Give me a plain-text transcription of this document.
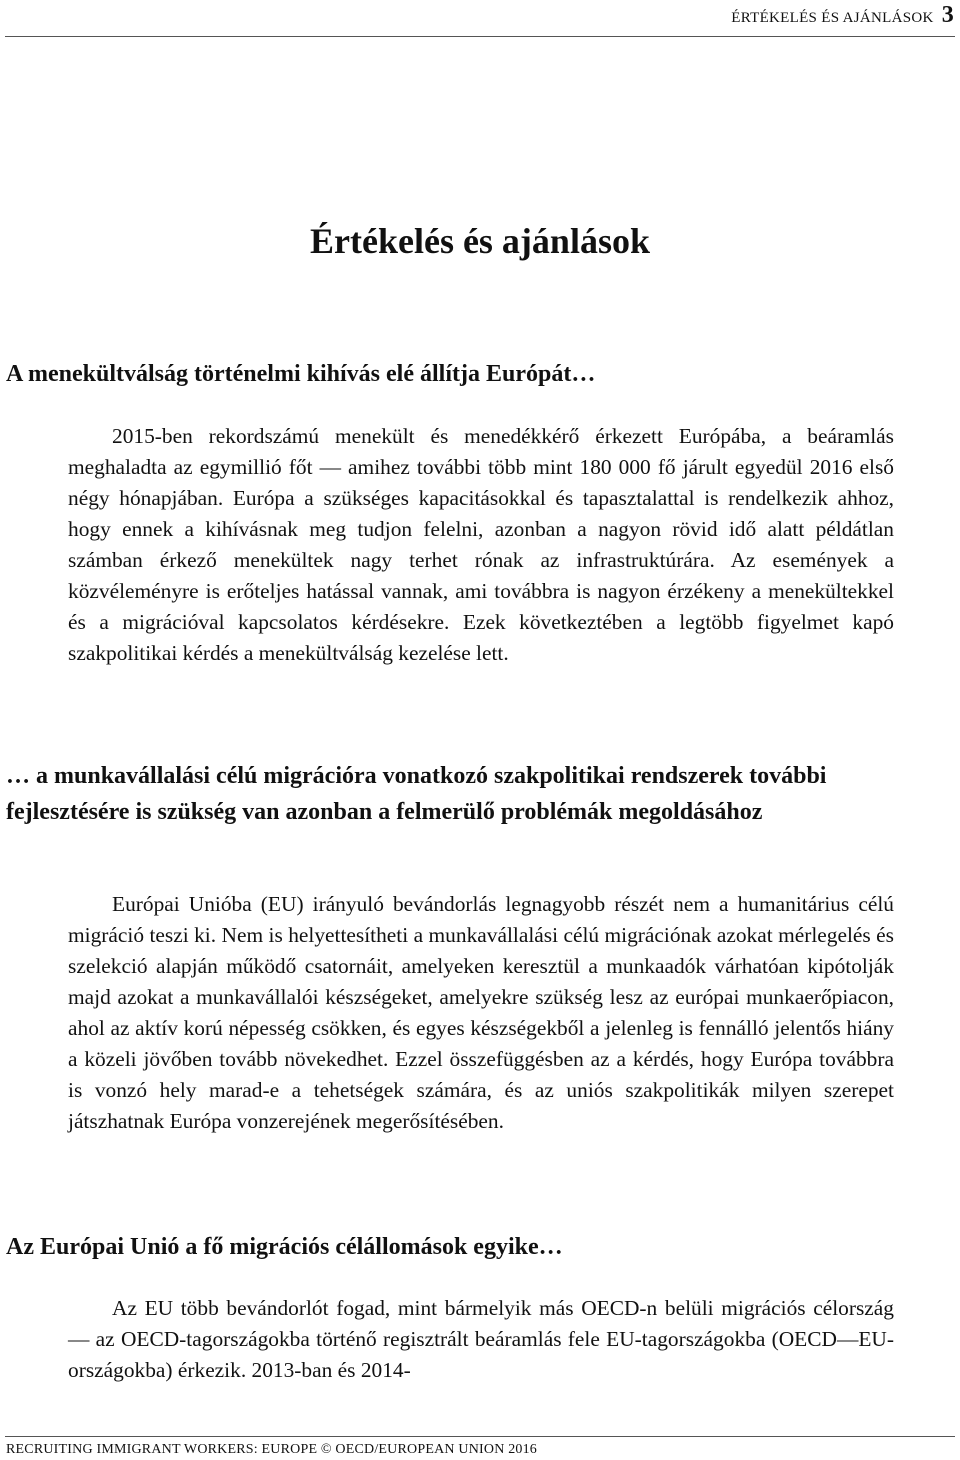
ÉRTÉKELÉS ÉS AJÁNLÁSOK 3
Értékelés és ajánlások
A menekültválság történelmi kihívás elé állítja Európát…

2015-ben rekordszámú menekült és menedékkérő érkezett Európába, a beáramlás meghaladta az egymillió főt ― amihez további több mint 180 000 fő járult egyedül 2016 első négy hónapjában. Európa a szükséges kapacitásokkal és tapasztalattal is rendelkezik ahhoz, hogy ennek a kihívásnak meg tudjon felelni, azonban a nagyon rövid idő alatt példátlan számban érkező menekültek nagy terhet rónak az infrastruktúrára. Az események a közvéleményre is erőteljes hatással vannak, ami továbbra is nagyon érzékeny a menekültekkel és a migrációval kapcsolatos kérdésekre. Ezek következtében a legtöbb figyelmet kapó szakpolitikai kérdés a menekültválság kezelése lett.

… a munkavállalási célú migrációra vonatkozó szakpolitikai rendszerek további fejlesztésére is szükség van azonban a felmerülő problémák megoldásához

Európai Unióba (EU) irányuló bevándorlás legnagyobb részét nem a humanitárius célú migráció teszi ki. Nem is helyettesítheti a munkavállalási célú migrációnak azokat mérlegelés és szelekció alapján működő csatornáit, amelyeken keresztül a munkaadók várhatóan kipótolják majd azokat a munkavállalói készségeket, amelyekre szükség lesz az európai munkaerőpiacon, ahol az aktív korú népesség csökken, és egyes készségekből a jelenleg is fennálló jelentős hiány a közeli jövőben tovább növekedhet. Ezzel összefüggésben az a kérdés, hogy Európa továbbra is vonzó hely marad-e a tehetségek számára, és az uniós szakpolitikák milyen szerepet játszhatnak Európa vonzerejének megerősítésében.

Az Európai Unió a fő migrációs célállomások egyike…

Az EU több bevándorlót fogad, mint bármelyik más OECD-n belüli migrációs célország ― az OECD-tagországokba történő regisztrált beáramlás fele EU-tagországokba (OECD―EU-országokba) érkezik. 2013-ban és 2014-

RECRUITING IMMIGRANT WORKERS: EUROPE © OECD/EUROPEAN UNION 2016
